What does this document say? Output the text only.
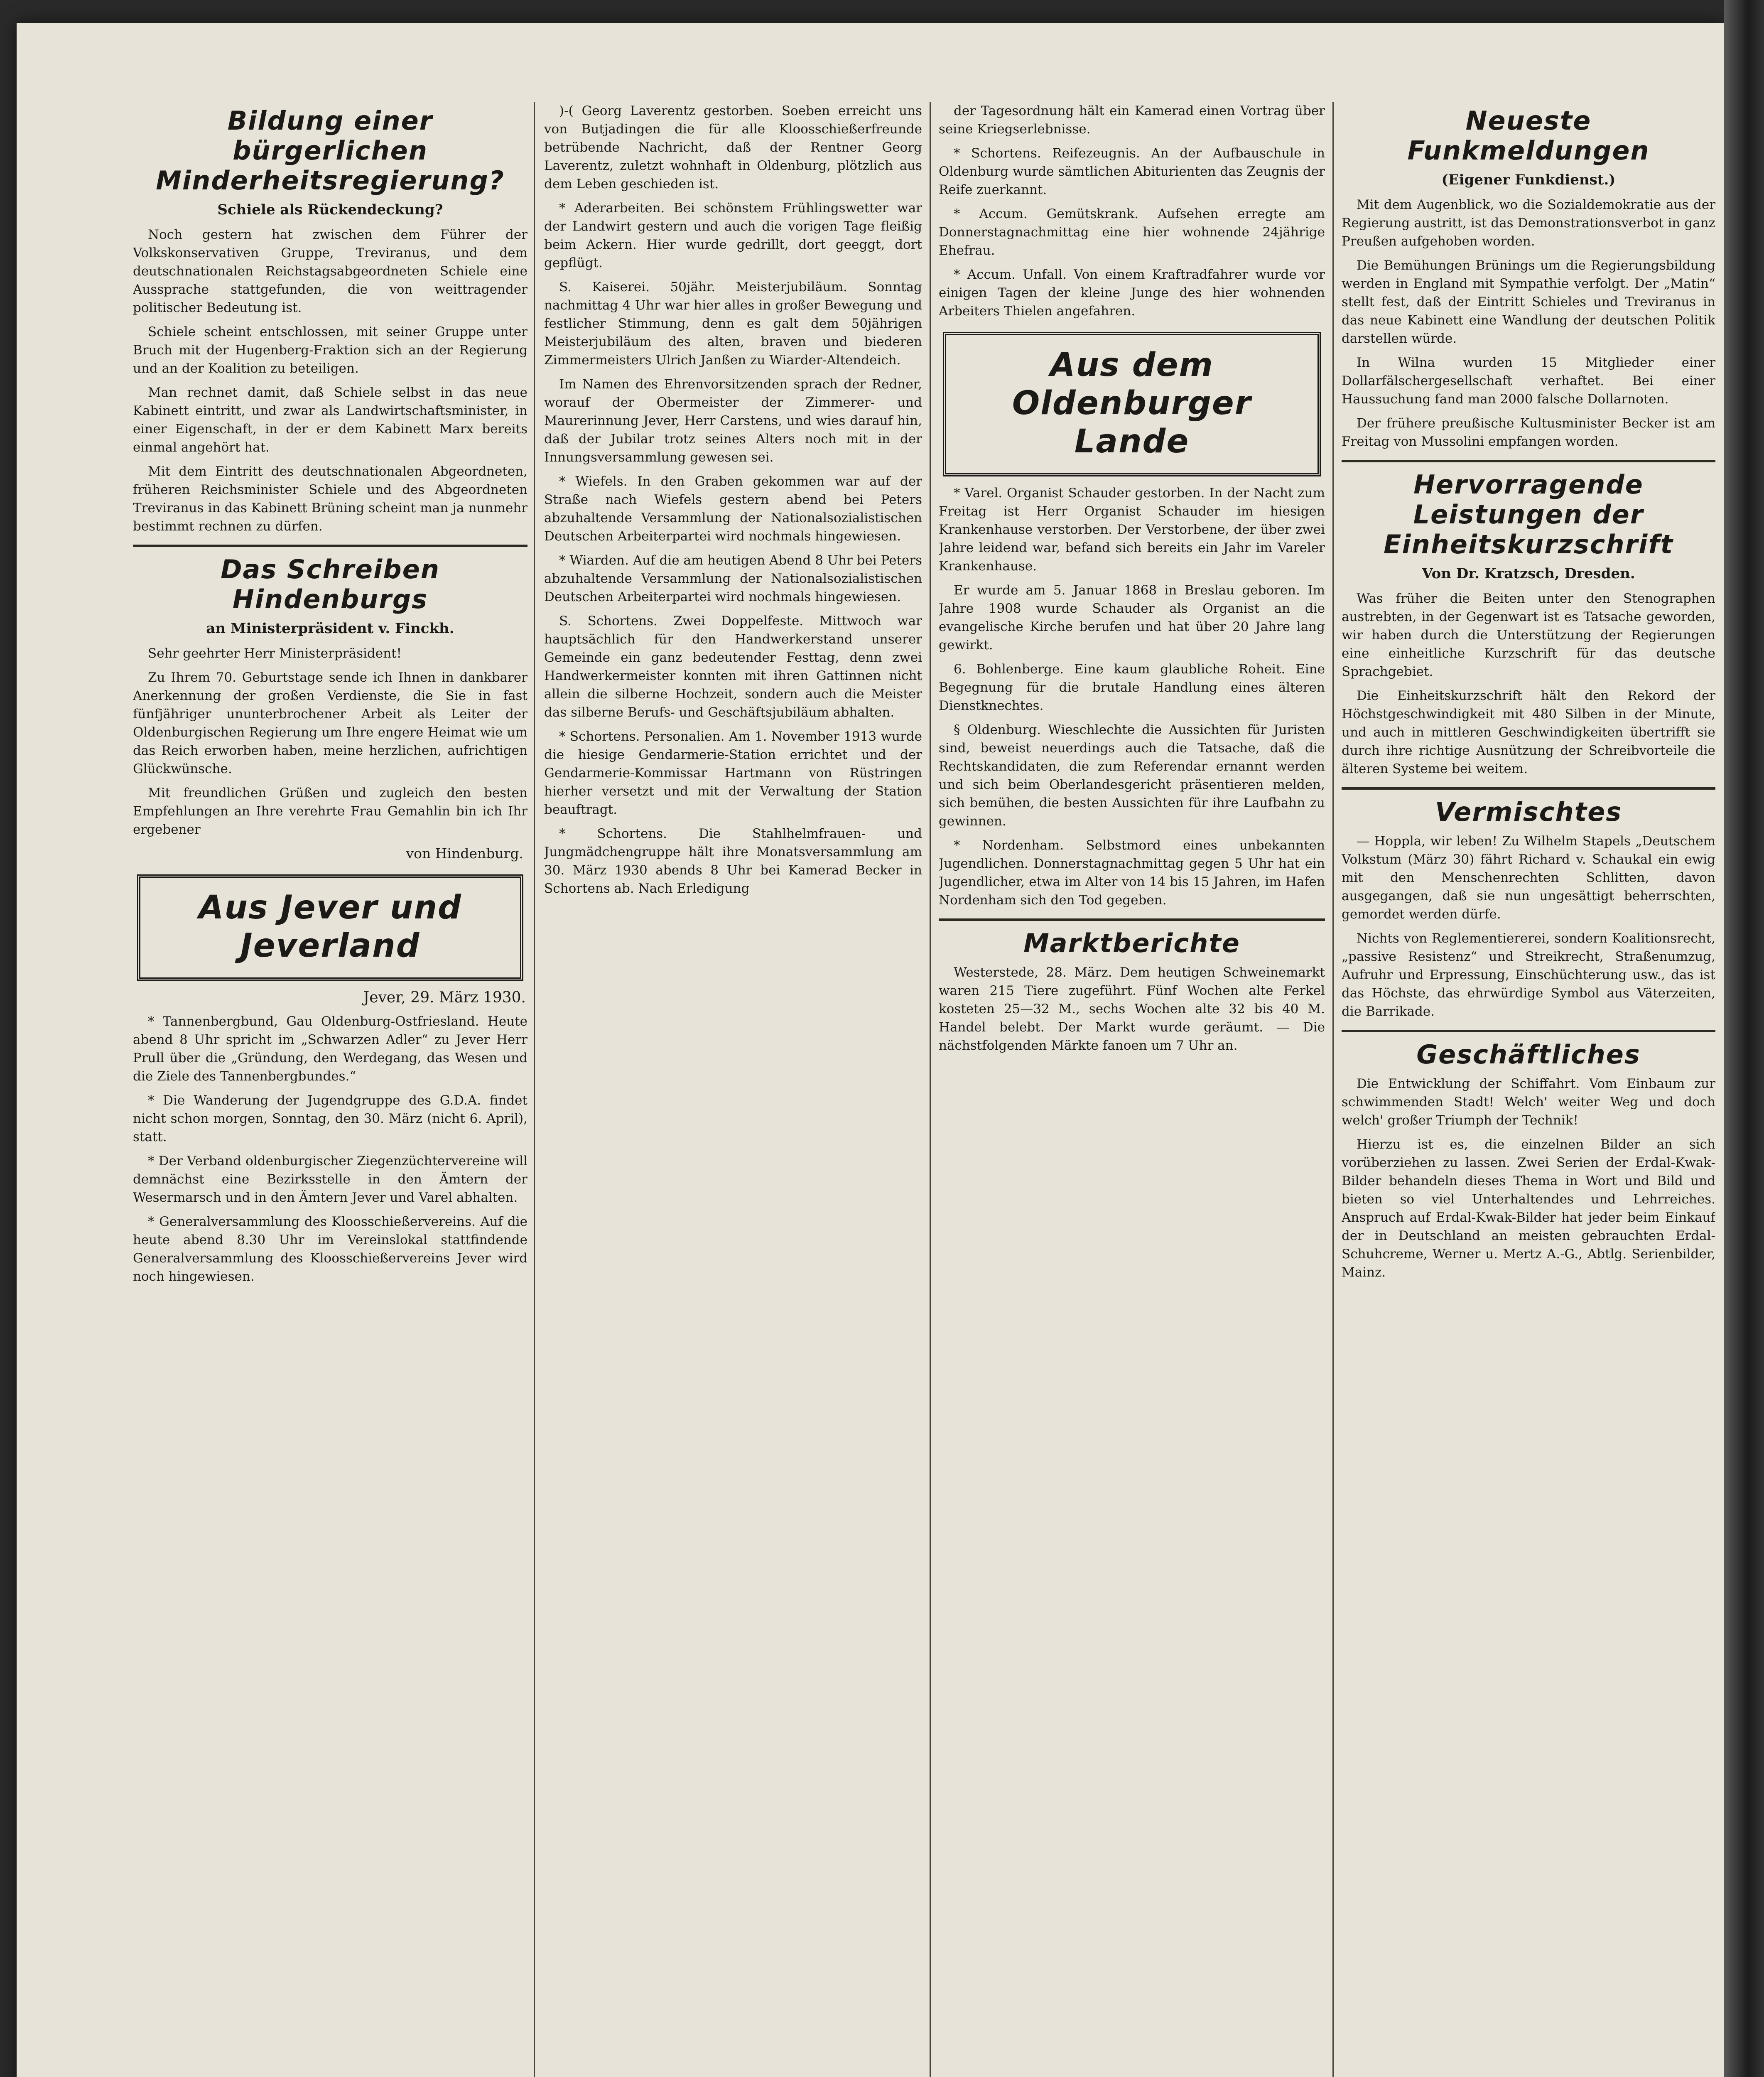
Bildung einer bürgerlichen Minderheitsregierung?
Schiele als Rückendeckung?
Noch gestern hat zwischen dem Führer der Volkskonservativen Gruppe, Treviranus, und dem deutschnationalen Reichstagsabgeordneten Schiele eine Aussprache stattgefunden, die von weittragender politischer Bedeutung ist.
Schiele scheint entschlossen, mit seiner Gruppe unter Bruch mit der Hugenberg-Fraktion sich an der Regierung und an der Koalition zu beteiligen.
Man rechnet damit, daß Schiele selbst in das neue Kabinett eintritt, und zwar als Landwirtschaftsminister, in einer Eigenschaft, in der er dem Kabinett Marx bereits einmal angehört hat.
Mit dem Eintritt des deutschnationalen Abgeordneten, früheren Reichsminister Schiele und des Abgeordneten Treviranus in das Kabinett Brüning scheint man ja nunmehr bestimmt rechnen zu dürfen.
Das Schreiben Hindenburgs
an Ministerpräsident v. Finckh.
Sehr geehrter Herr Ministerpräsident!
Zu Ihrem 70. Geburtstage sende ich Ihnen in dankbarer Anerkennung der großen Verdienste, die Sie in fast fünfjähriger ununterbrochener Arbeit als Leiter der Oldenburgischen Regierung um Ihre engere Heimat wie um das Reich erworben haben, meine herzlichen, aufrichtigen Glückwünsche.
Mit freundlichen Grüßen und zugleich den besten Empfehlungen an Ihre verehrte Frau Gemahlin bin ich Ihr ergebener
von Hindenburg.
Aus Jever und Jeverland
Jever, 29. März 1930.
* Tannenbergbund, Gau Oldenburg-Ostfriesland. Heute abend 8 Uhr spricht im „Schwarzen Adler“ zu Jever Herr Prull über die „Gründung, den Werdegang, das Wesen und die Ziele des Tannenbergbundes.“
* Die Wanderung der Jugendgruppe des G.D.A. findet nicht schon morgen, Sonntag, den 30. März (nicht 6. April), statt.
* Der Verband oldenburgischer Ziegenzüchtervereine will demnächst eine Bezirksstelle in den Ämtern der Wesermarsch und in den Ämtern Jever und Varel abhalten.
* Generalversammlung des Kloosschießervereins. Auf die heute abend 8.30 Uhr im Vereinslokal stattfindende Generalversammlung des Kloosschießervereins Jever wird noch hingewiesen.
)-( Georg Laverentz gestorben. Soeben erreicht uns von Butjadingen die für alle Kloosschießerfreunde betrübende Nachricht, daß der Rentner Georg Laverentz, zuletzt wohnhaft in Oldenburg, plötzlich aus dem Leben geschieden ist.
* Aderarbeiten. Bei schönstem Frühlingswetter war der Landwirt gestern und auch die vorigen Tage fleißig beim Ackern. Hier wurde gedrillt, dort geeggt, dort gepflügt.
S. Kaiserei. 50jähr. Meisterjubiläum. Sonntag nachmittag 4 Uhr war hier alles in großer Bewegung und festlicher Stimmung, denn es galt dem 50jährigen Meisterjubiläum des alten, braven und biederen Zimmermeisters Ulrich Janßen zu Wiarder-Altendeich.
Im Namen des Ehrenvorsitzenden sprach der Redner, worauf der Obermeister der Zimmerer- und Maurerinnung Jever, Herr Carstens, und wies darauf hin, daß der Jubilar trotz seines Alters noch mit in der Innungsversammlung gewesen sei.
* Wiefels. In den Graben gekommen war auf der Straße nach Wiefels gestern abend bei Peters abzuhaltende Versammlung der Nationalsozialistischen Deutschen Arbeiterpartei wird nochmals hingewiesen.
* Wiarden. Auf die am heutigen Abend 8 Uhr bei Peters abzuhaltende Versammlung der Nationalsozialistischen Deutschen Arbeiterpartei wird nochmals hingewiesen.
S. Schortens. Zwei Doppelfeste. Mittwoch war hauptsächlich für den Handwerkerstand unserer Gemeinde ein ganz bedeutender Festtag, denn zwei Handwerkermeister konnten mit ihren Gattinnen nicht allein die silberne Hochzeit, sondern auch die Meister das silberne Berufs- und Geschäftsjubiläum abhalten.
* Schortens. Personalien. Am 1. November 1913 wurde die hiesige Gendarmerie-Station errichtet und der Gendarmerie-Kommissar Hartmann von Rüstringen hierher versetzt und mit der Verwaltung der Station beauftragt.
* Schortens. Die Stahlhelmfrauen- und Jungmädchengruppe hält ihre Monatsversammlung am 30. März 1930 abends 8 Uhr bei Kamerad Becker in Schortens ab. Nach Erledigung
der Tagesordnung hält ein Kamerad einen Vortrag über seine Kriegserlebnisse.
* Schortens. Reifezeugnis. An der Aufbauschule in Oldenburg wurde sämtlichen Abiturienten das Zeugnis der Reife zuerkannt.
* Accum. Gemütskrank. Aufsehen erregte am Donnerstagnachmittag eine hier wohnende 24jährige Ehefrau.
* Accum. Unfall. Von einem Kraftradfahrer wurde vor einigen Tagen der kleine Junge des hier wohnenden Arbeiters Thielen angefahren.
Aus dem Oldenburger Lande
* Varel. Organist Schauder gestorben. In der Nacht zum Freitag ist Herr Organist Schauder im hiesigen Krankenhause verstorben. Der Verstorbene, der über zwei Jahre leidend war, befand sich bereits ein Jahr im Vareler Krankenhause.
Er wurde am 5. Januar 1868 in Breslau geboren. Im Jahre 1908 wurde Schauder als Organist an die evangelische Kirche berufen und hat über 20 Jahre lang gewirkt.
6. Bohlenberge. Eine kaum glaubliche Roheit. Eine Begegnung für die brutale Handlung eines älteren Dienstknechtes.
§ Oldenburg. Wieschlechte die Aussichten für Juristen sind, beweist neuerdings auch die Tatsache, daß die Rechtskandidaten, die zum Referendar ernannt werden und sich beim Oberlandesgericht präsentieren melden, sich bemühen, die besten Aussichten für ihre Laufbahn zu gewinnen.
* Nordenham. Selbstmord eines unbekannten Jugendlichen. Donnerstagnachmittag gegen 5 Uhr hat ein Jugendlicher, etwa im Alter von 14 bis 15 Jahren, im Hafen Nordenham sich den Tod gegeben.
Marktberichte
Westerstede, 28. März. Dem heutigen Schweinemarkt waren 215 Tiere zugeführt. Fünf Wochen alte Ferkel kosteten 25—32 M., sechs Wochen alte 32 bis 40 M. Handel belebt. Der Markt wurde geräumt. — Die nächstfolgenden Märkte fanoen um 7 Uhr an.
Neueste Funkmeldungen
(Eigener Funkdienst.)
Mit dem Augenblick, wo die Sozialdemokratie aus der Regierung austritt, ist das Demonstrationsverbot in ganz Preußen aufgehoben worden.
Die Bemühungen Brünings um die Regierungsbildung werden in England mit Sympathie verfolgt. Der „Matin“ stellt fest, daß der Eintritt Schieles und Treviranus in das neue Kabinett eine Wandlung der deutschen Politik darstellen würde.
In Wilna wurden 15 Mitglieder einer Dollarfälschergesellschaft verhaftet. Bei einer Haussuchung fand man 2000 falsche Dollarnoten.
Der frühere preußische Kultusminister Becker ist am Freitag von Mussolini empfangen worden.
Hervorragende Leistungen der Einheitskurzschrift
Von Dr. Kratzsch, Dresden.
Was früher die Beiten unter den Stenographen austrebten, in der Gegenwart ist es Tatsache geworden, wir haben durch die Unterstützung der Regierungen eine einheitliche Kurzschrift für das deutsche Sprachgebiet.
Die Einheitskurzschrift hält den Rekord der Höchstgeschwindigkeit mit 480 Silben in der Minute, und auch in mittleren Geschwindigkeiten übertrifft sie durch ihre richtige Ausnützung der Schreibvorteile die älteren Systeme bei weitem.
Vermischtes
— Hoppla, wir leben! Zu Wilhelm Stapels „Deutschem Volkstum (März 30) fährt Richard v. Schaukal ein ewig mit den Menschenrechten Schlitten, davon ausgegangen, daß sie nun ungesättigt beherrschten, gemordet werden dürfe.
Nichts von Reglementiererei, sondern Koalitionsrecht, „passive Resistenz“ und Streikrecht, Straßenumzug, Aufruhr und Erpressung, Einschüchterung usw., das ist das Höchste, das ehrwürdige Symbol aus Väterzeiten, die Barrikade.
Geschäftliches
Die Entwicklung der Schiffahrt. Vom Einbaum zur schwimmenden Stadt! Welch' weiter Weg und doch welch' großer Triumph der Technik!
Hierzu ist es, die einzelnen Bilder an sich vorüberziehen zu lassen. Zwei Serien der Erdal-Kwak-Bilder behandeln dieses Thema in Wort und Bild und bieten so viel Unterhaltendes und Lehrreiches. Anspruch auf Erdal-Kwak-Bilder hat jeder beim Einkauf der in Deutschland an meisten gebrauchten Erdal-Schuhcreme, Werner u. Mertz A.-G., Abtlg. Serienbilder, Mainz.
